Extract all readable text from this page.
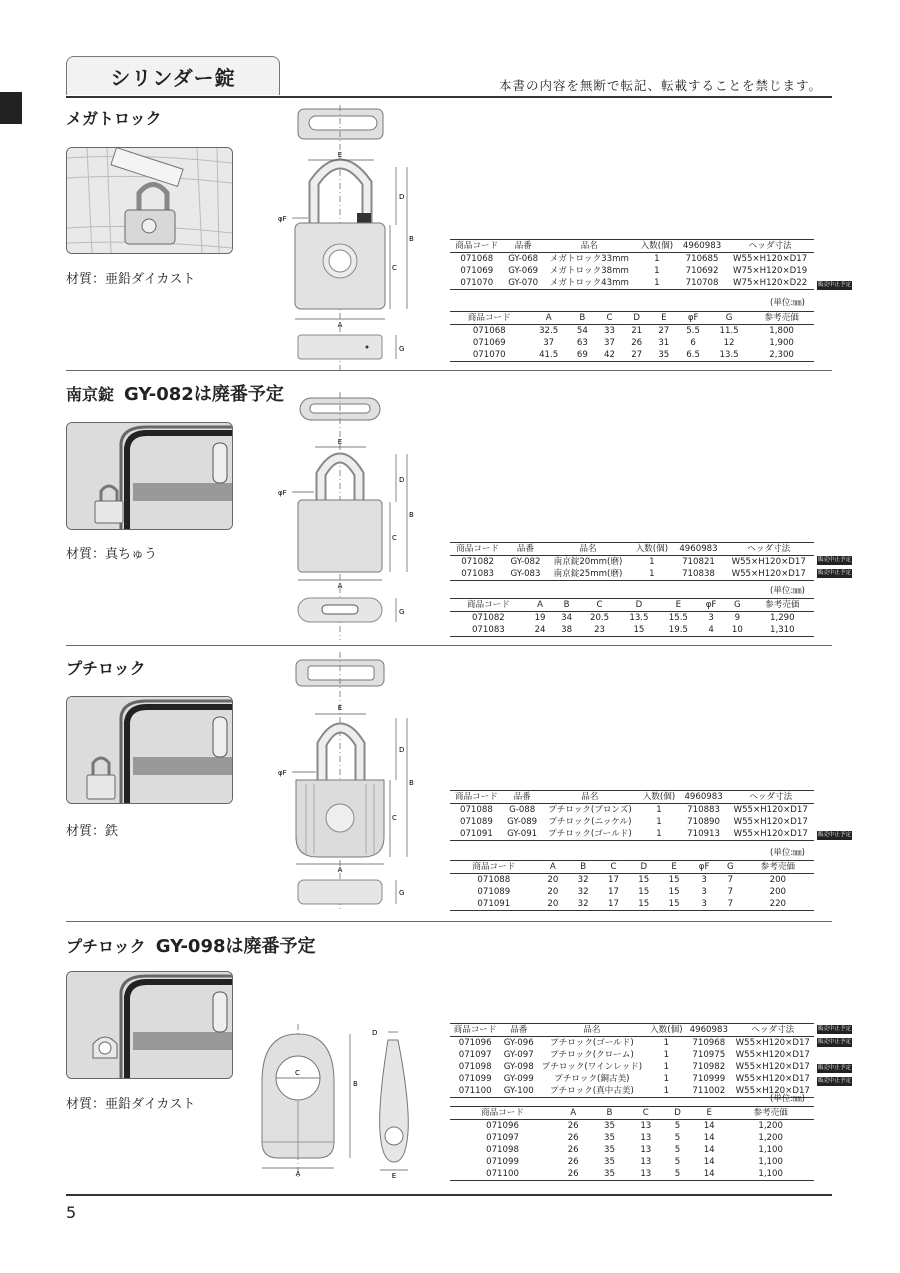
シリンダー錠	本書の内容を無断で転記、転載することを禁じます。
メガトロック
材質：亜鉛ダイカスト
E
A
D
B
C
φF
G
商品コード	品番	品名	入数(個)	4960983	ヘッダ寸法
071068	GY-068	メガトロック33mm	1	710685	W55×H120×D17
071069	GY-069	メガトロック38mm	1	710692	W75×H120×D19
071070	GY-070	メガトロック43mm	1	710708	W75×H120×D22 販売中止予定
(単位:㎜)
商品コード	A	B	C	D	E	φF	G	参考売価
071068	32.5	54	33	21	27	5.5	11.5	1,800
071069	37	63	37	26	31	6	12	1,900
071070	41.5	69	42	27	35	6.5	13.5	2,300
南京錠 GY-082は廃番予定
材質：真ちゅう
E
A
D
B
C
φF
G
商品コード	品番	品名	入数(個)	4960983	ヘッダ寸法
071082	GY-082	南京錠20mm(磨)	1	710821	W55×H120×D17
071083	GY-083	南京錠25mm(磨)	1	710838	W55×H120×D17
販売中止予定
販売中止予定
(単位:㎜)
商品コード	A	B	C	D	E	φF	G	参考売価
071082	19	34	20.5	13.5	15.5	3	9	1,290
071083	24	38	23	15	19.5	4	10	1,310
プチロック
材質：鉄
E
A
D
B
C
φF
G
商品コード	品番	品名	入数(個)	4960983	ヘッダ寸法
071088	G-088	プチロック(ブロンズ)	1	710883	W55×H120×D17
071089	GY-089	プチロック(ニッケル)	1	710890	W55×H120×D17
071091	GY-091	プチロック(ゴールド)	1	710913	W55×H120×D17 販売中止予定
(単位:㎜)
商品コード	A	B	C	D	E	φF	G	参考売価
071088	20	32	17	15	15	3	7	200
071089	20	32	17	15	15	3	7	200
071091	20	32	17	15	15	3	7	220
プチロック GY-098は廃番予定
材質：亜鉛ダイカスト
A
B
C
D
E
商品コード	品番	品名	入数(個)	4960983	ヘッダ寸法
071096	GY-096	プチロック(ゴールド)	1	710968	W55×H120×D17
071097	GY-097	プチロック(クローム)	1	710975	W55×H120×D17
071098	GY-098	プチロック(ワインレッド)	1	710982	W55×H120×D17
071099	GY-099	プチロック(銅古美)	1	710999	W55×H120×D17
071100	GY-100	プチロック(真中古美)	1	711002	W55×H120×D17
販売中止予定
販売中止予定
販売中止予定
販売中止予定
(単位:㎜)
商品コード	A	B	C	D	E	参考売価
071096	26	35	13	5	14	1,200
071097	26	35	13	5	14	1,200
071098	26	35	13	5	14	1,100
071099	26	35	13	5	14	1,100
071100	26	35	13	5	14	1,100
5
